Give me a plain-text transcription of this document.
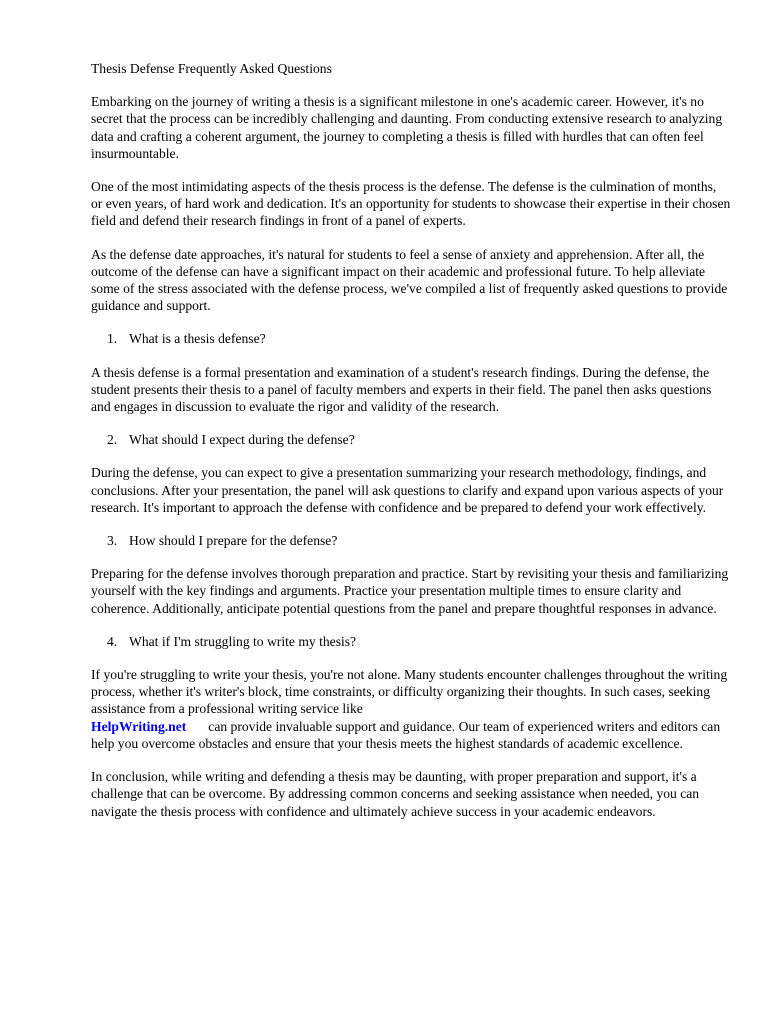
Thesis Defense Frequently Asked Questions

Embarking on the journey of writing a thesis is a significant milestone in one's academic career. However, it's no secret that the process can be incredibly challenging and daunting. From conducting extensive research to analyzing data and crafting a coherent argument, the journey to completing a thesis is filled with hurdles that can often feel insurmountable.

One of the most intimidating aspects of the thesis process is the defense. The defense is the culmination of months, or even years, of hard work and dedication. It's an opportunity for students to showcase their expertise in their chosen field and defend their research findings in front of a panel of experts.

As the defense date approaches, it's natural for students to feel a sense of anxiety and apprehension. After all, the outcome of the defense can have a significant impact on their academic and professional future. To help alleviate some of the stress associated with the defense process, we've compiled a list of frequently asked questions to provide guidance and support.

1. What is a thesis defense?

A thesis defense is a formal presentation and examination of a student's research findings. During the defense, the student presents their thesis to a panel of faculty members and experts in their field. The panel then asks questions and engages in discussion to evaluate the rigor and validity of the research.

2. What should I expect during the defense?

During the defense, you can expect to give a presentation summarizing your research methodology, findings, and conclusions. After your presentation, the panel will ask questions to clarify and expand upon various aspects of your research. It's important to approach the defense with confidence and be prepared to defend your work effectively.

3. How should I prepare for the defense?

Preparing for the defense involves thorough preparation and practice. Start by revisiting your thesis and familiarizing yourself with the key findings and arguments. Practice your presentation multiple times to ensure clarity and coherence. Additionally, anticipate potential questions from the panel and prepare thoughtful responses in advance.

4. What if I'm struggling to write my thesis?

If you're struggling to write your thesis, you're not alone. Many students encounter challenges throughout the writing process, whether it's writer's block, time constraints, or difficulty organizing their thoughts. In such cases, seeking assistance from a professional writing service like
HelpWriting.net can provide invaluable support and guidance. Our team of experienced writers and editors can help you overcome obstacles and ensure that your thesis meets the highest standards of academic excellence.

In conclusion, while writing and defending a thesis may be daunting, with proper preparation and support, it's a challenge that can be overcome. By addressing common concerns and seeking assistance when needed, you can navigate the thesis process with confidence and ultimately achieve success in your academic endeavors.
